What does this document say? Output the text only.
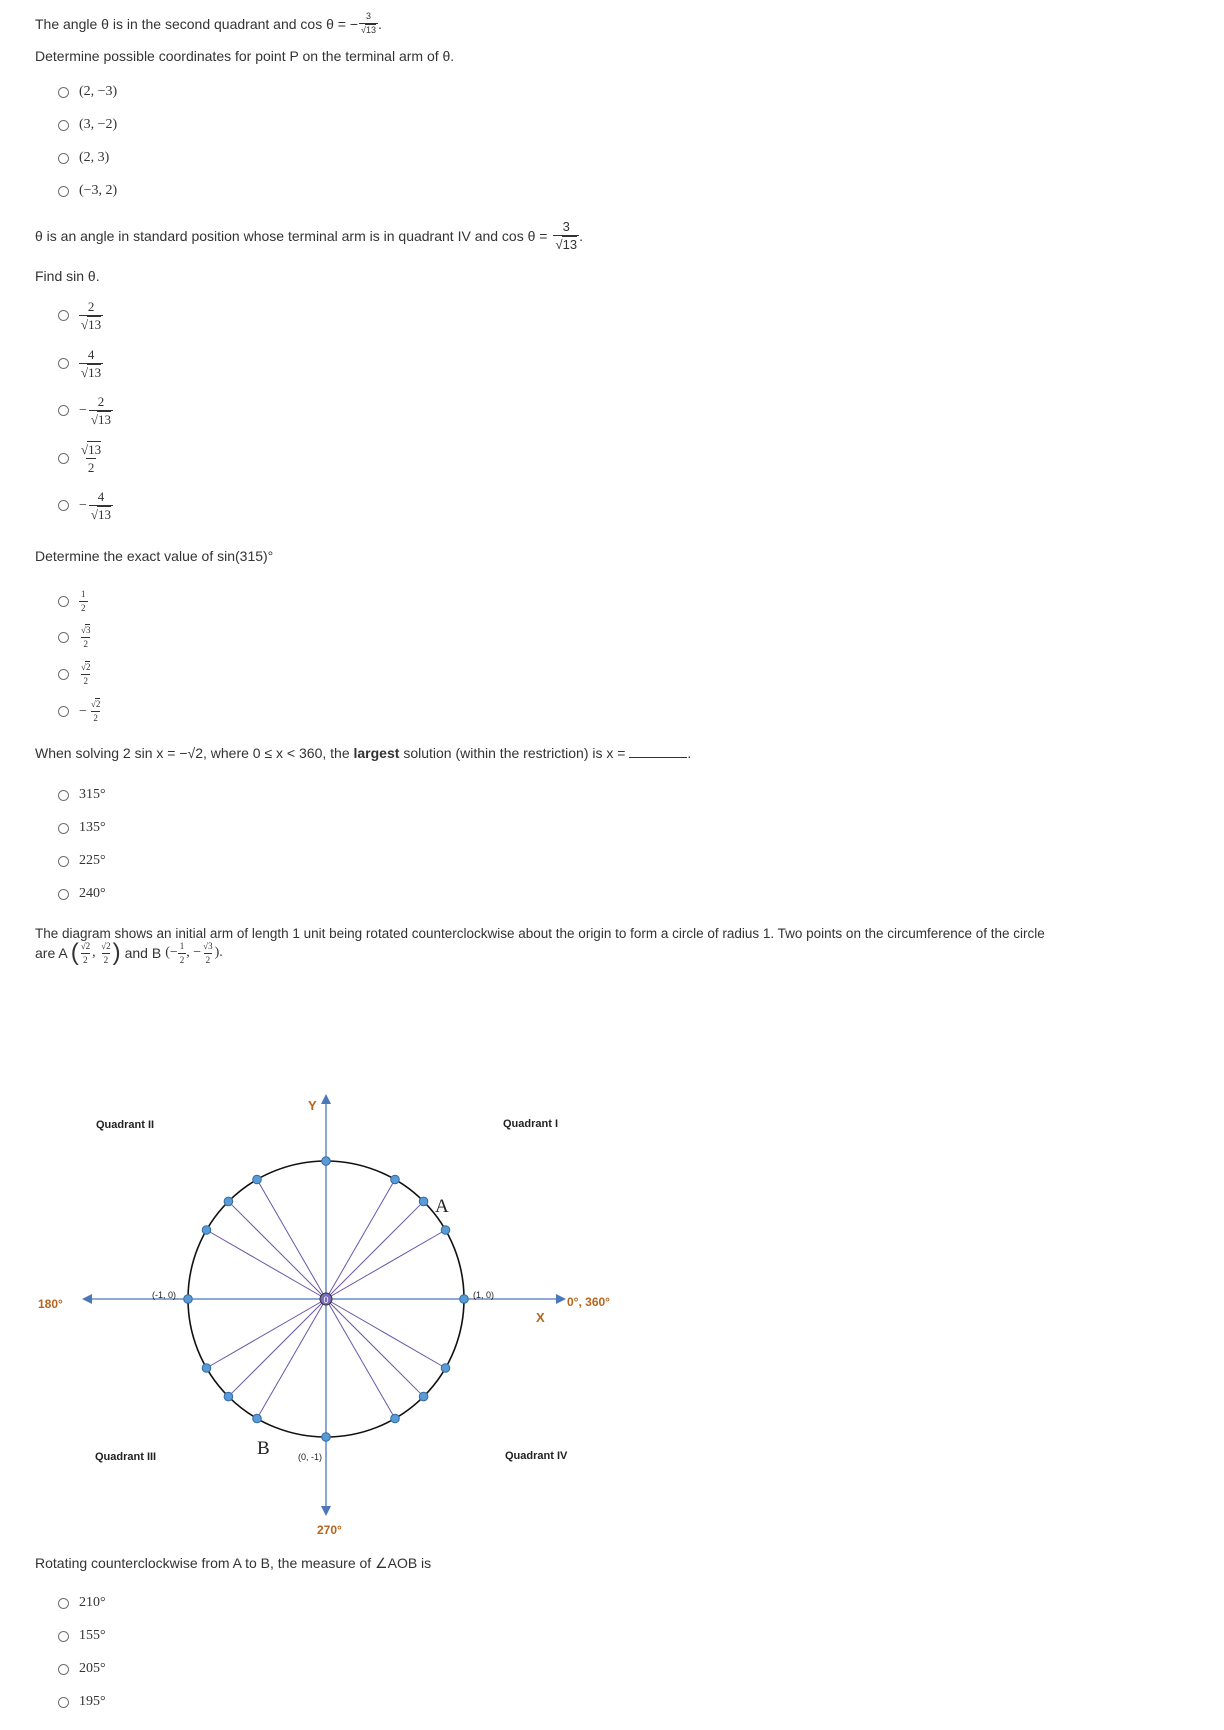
The angle θ is in the second quadrant and cos θ = − $\frac{3}{√13}$ .
Determine possible coordinates for point P on the terminal arm of θ.
(2, −3)
(3, −2)
(2, 3)
(−3, 2)
θ is an angle in standard position whose terminal arm is in quadrant IV and $\cos \theta = \frac{3}{√13}$ .
Find sin θ.
$\frac{2}{√13}$
$\frac{4}{√13}$
− $\frac{2}{√13}$
$\frac{√13}{2}$
− $\frac{4}{√13}$
Determine the exact value of sin(315)°
$\frac{1}{2}$
$\frac{√3}{2}$
$\frac{√2}{2}$
− $\frac{√2}{2}$
When solving 2 sin x = −√2, where 0 ≤ x < 360, the largest solution (within the restriction) is x =	.
315°
135°
225°
240°
The diagram shows an initial arm of length 1 unit being rotated counterclockwise about the origin to form a circle of radius 1. Two points on the circumference of the circle
are A ( $\frac{√2}{2}$ , $\frac{√2}{2}$ ) and B (− $\frac{1}{2}$ , − $\frac{√3}{2}$ ).
0
Y
X
Quadrant II	Quadrant I
Quadrant III	Quadrant IV
180°	0°, 360°
270°
(-1, 0)	(1, 0)
(0, -1)
A
B
Rotating counterclockwise from A to B, the measure of ∠AOB is
210°
155°
205°
195°
